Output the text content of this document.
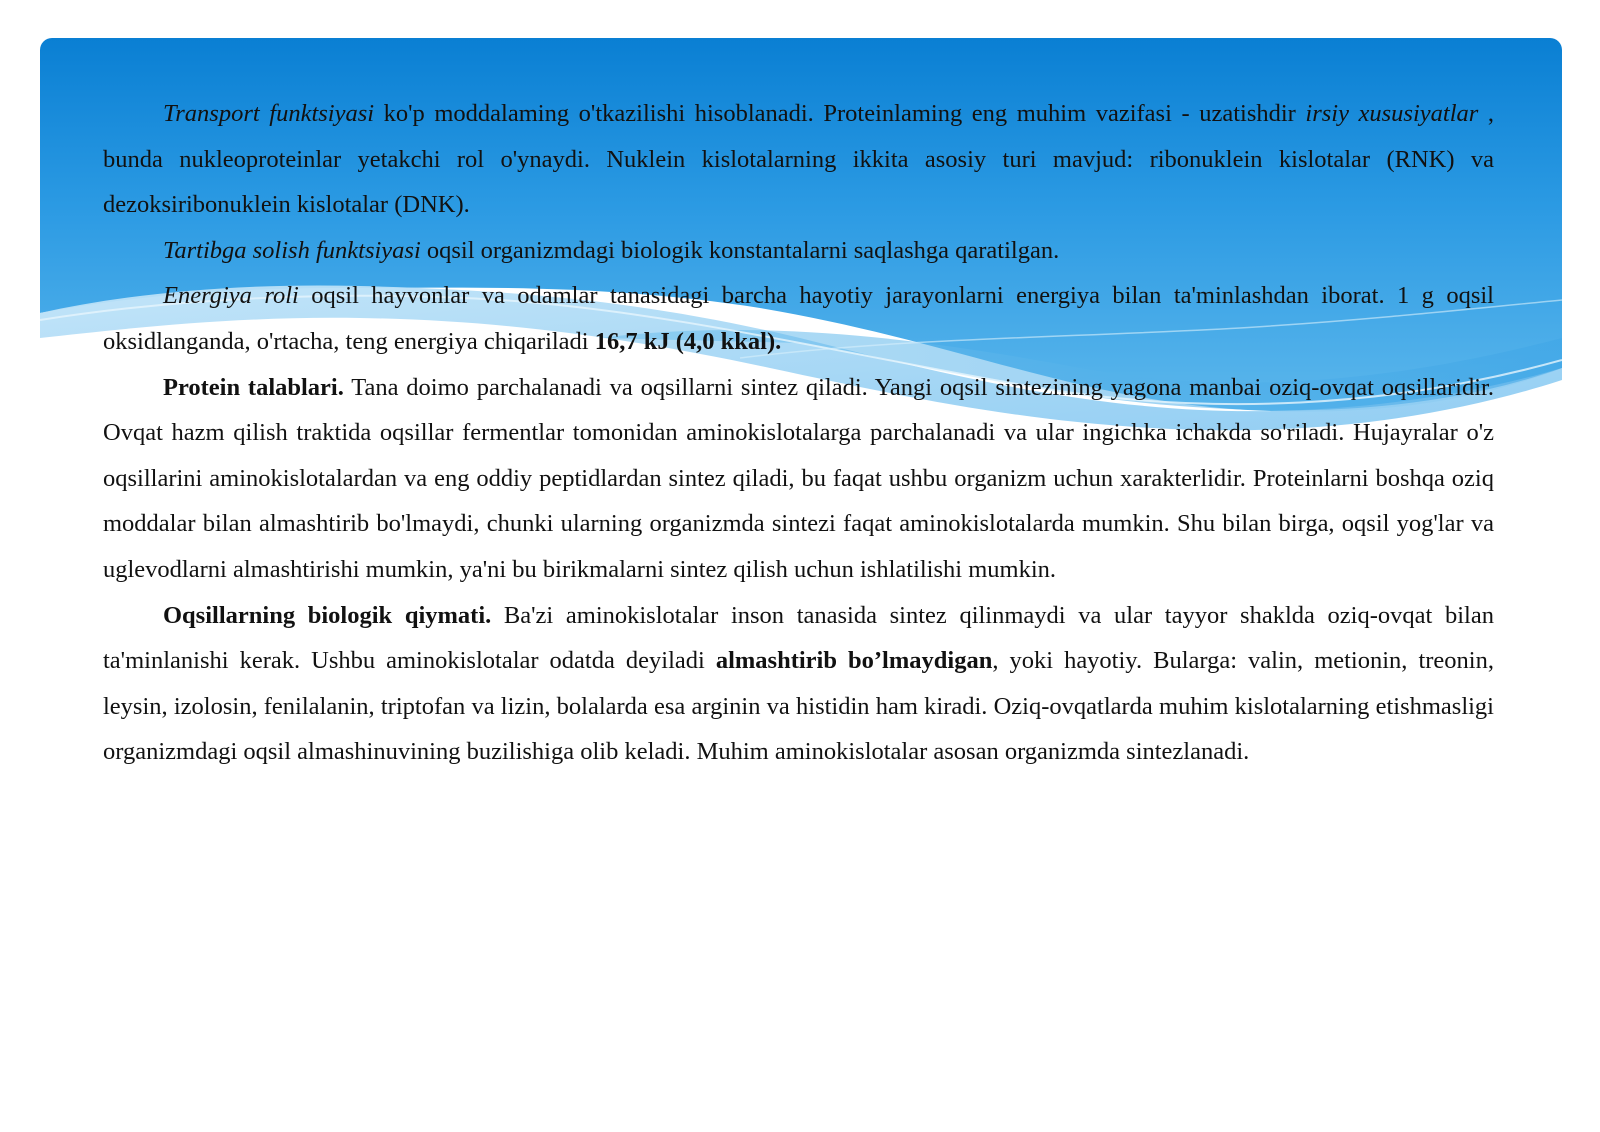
Transport funktsiyasi ko'p moddalaming o'tkazilishi hisoblanadi. Proteinlaming eng muhim vazifasi - uzatishdir irsiy xususiyatlar , bunda nukleoproteinlar yetakchi rol o'ynaydi. Nuklein kislotalarning ikkita asosiy turi mavjud: ribonuklein kislotalar (RNK) va dezoksiribonuklein kislotalar (DNK).

Tartibga solish funktsiyasi oqsil organizmdagi biologik konstantalarni saqlashga qaratilgan.

Energiya roli oqsil hayvonlar va odamlar tanasidagi barcha hayotiy jarayonlarni energiya bilan ta'minlashdan iborat. 1 g oqsil oksidlanganda, o'rtacha, teng energiya chiqariladi 16,7 kJ (4,0 kkal).

Protein talablari. Tana doimo parchalanadi va oqsillarni sintez qiladi. Yangi oqsil sintezining yagona manbai oziq-ovqat oqsillaridir. Ovqat hazm qilish traktida oqsillar fermentlar tomonidan aminokislotalarga parchalanadi va ular ingichka ichakda so'riladi. Hujayralar o'z oqsillarini aminokislotalardan va eng oddiy peptidlardan sintez qiladi, bu faqat ushbu organizm uchun xarakterlidir. Proteinlarni boshqa oziq moddalar bilan almashtirib bo'lmaydi, chunki ularning organizmda sintezi faqat aminokislotalarda mumkin. Shu bilan birga, oqsil yog'lar va uglevodlarni almashtirishi mumkin, ya'ni bu birikmalarni sintez qilish uchun ishlatilishi mumkin.

Oqsillarning biologik qiymati. Ba'zi aminokislotalar inson tanasida sintez qilinmaydi va ular tayyor shaklda oziq-ovqat bilan ta'minlanishi kerak. Ushbu aminokislotalar odatda deyiladi almashtirib bo’lmaydigan, yoki hayotiy. Bularga: valin, metionin, treonin, leysin, izolosin, fenilalanin, triptofan va lizin, bolalarda esa arginin va histidin ham kiradi. Oziq-ovqatlarda muhim kislotalarning etishmasligi organizmdagi oqsil almashinuvining buzilishiga olib keladi. Muhim aminokislotalar asosan organizmda sintezlanadi.
